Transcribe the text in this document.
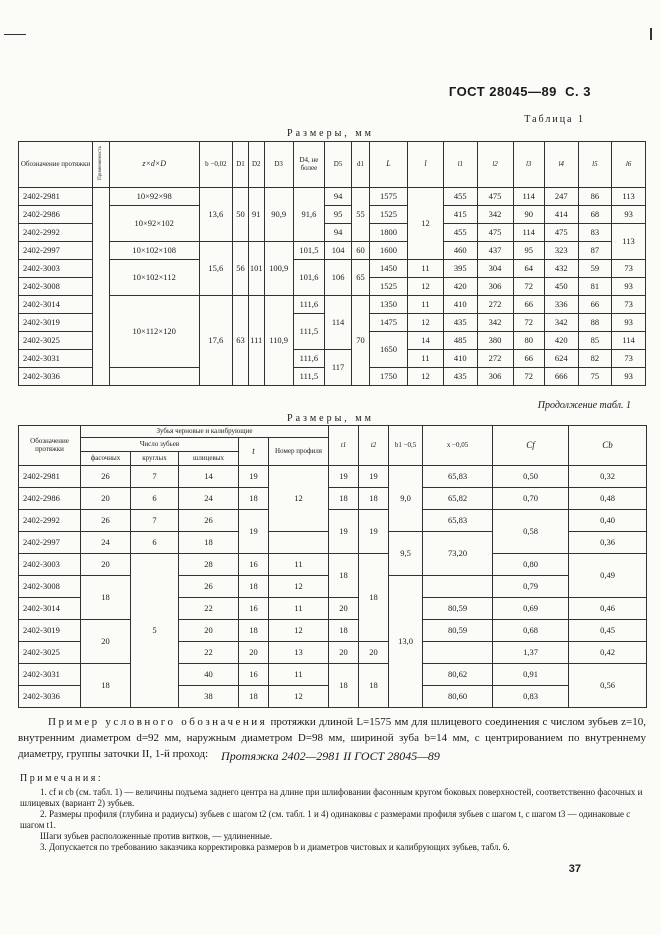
ГОСТ 28045—89 С. 3
Таблица 1
Размеры, мм
Обозначение протяжки	Применяемость	z×d×D	b −0,02	D1	D2	D3	D4, не более	D5	d1	L	l	l1	l2	l3	l4	l5	l6
2402-2981		10×92×98	13,6	50	91	90,9	91,6	94	55	1575	12	455	475	114	247	86	113
2402-2986		10×92×102						95		1525		415	342	90	414	68	93
2402-2992								94		1800		455	475	114	475	83	113
2402-2997		10×102×108	15,6	56	101	100,9	101,5	104	60	1600		460	437	95	323	87	
2402-3003		10×102×112					101,6	106	65	1450	11	395	304	64	432	59	73
2402-3008										1525	12	420	306	72	450	81	93
2402-3014		10×112×120	17,6	63	111	110,9	111,6	114	70	1350	11	410	272	66	336	66	73
2402-3019							111,5			1475	12	435	342	72	342	88	93
2402-3025										1650	14	485	380	80	420	85	114
2402-3031							111,6	117			11	410	272	66	624	82	73
2402-3036							111,5			1750	12	435	306	72	666	75	93
Продолжение табл. 1
Размеры, мм
Обозначение протяжки	Зубья черновые и калибрующие					t1	t2	b1 −0,5	x −0,05	Cf	Cb
	Число зубьев			t	Номер профиля						
	фасочных	круглых	шлицевых								
2402-2981	26	7	14	19	12	19	19	9,0	65,83	0,50	0,32
2402-2986	20	6	24	18		18	18		65,82	0,70	0,48
2402-2992	26	7	26	19		19	19		65,83	0,58	0,40
2402-2997	24	6	18					9,5	73,20		0,36
2402-3003	20	5	28	16	11	18	18			0,80	0,49
2402-3008	18		26	18	12			13,0		0,79	
2402-3014			22	16	11	20			80,59	0,69	0,46
2402-3019	20		20	18	12	18			80,59	0,68	0,45
2402-3025			22	20	13	20	20			1,37	0,42
2402-3031	18		40	16	11	18	18		80,62	0,91	0,56
2402-3036			38	18	12				80,60	0,83	
Пример условного обозначения протяжки длиной L=1575 мм для шлицевого соединения с числом зубьев z=10, внутренним диаметром d=92 мм, наружным диаметром D=98 мм, шириной зуба b=14 мм, с центрированием по внутреннему диаметру, группы заточки II, 1-й проход:	Протяжка 2402—2981 II ГОСТ 28045—89

Примечания:

1. cf и cb (см. табл. 1) — величины подъема заднего центра на длине при шлифовании фасонным кругом боковых поверхностей, соответственно фасочных и шлицевых (вариант 2) зубьев.

2. Размеры профиля (глубина и радиусы) зубьев с шагом t2 (см. табл. 1 и 4) одинаковы с размерами профиля зубьев с шагом t, с шагом t3 — одинаковые с шагом t1.

Шаги зубьев расположенные против витков, — удлиненные.

3. Допускается по требованию заказчика корректировка размеров b и диаметров чистовых и калибрующих зубьев, табл. 6.

37
